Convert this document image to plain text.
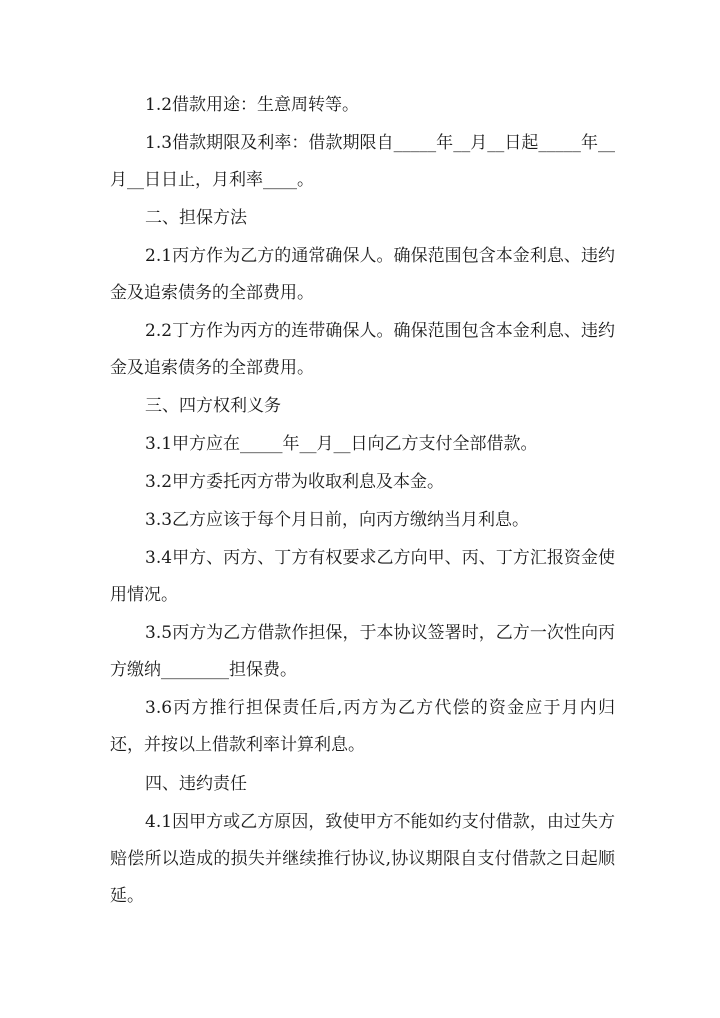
1.2借款用途：生意周转等。

1.3借款期限及利率：借款期限自_____年__月__日起_____年__月__日日止，月利率____。

二、担保方法

2.1丙方作为乙方的通常确保人。确保范围包含本金利息、违约金及追索债务的全部费用。

2.2丁方作为丙方的连带确保人。确保范围包含本金利息、违约金及追索债务的全部费用。

三、四方权利义务

3.1甲方应在_____年__月__日向乙方支付全部借款。

3.2甲方委托丙方带为收取利息及本金。

3.3乙方应该于每个月日前，向丙方缴纳当月利息。

3.4甲方、丙方、丁方有权要求乙方向甲、丙、丁方汇报资金使用情况。

3.5丙方为乙方借款作担保，于本协议签署时，乙方一次性向丙方缴纳________担保费。

3.6丙方推行担保责任后,丙方为乙方代偿的资金应于月内归还，并按以上借款利率计算利息。

四、违约责任

4.1因甲方或乙方原因，致使甲方不能如约支付借款，由过失方赔偿所以造成的损失并继续推行协议,协议期限自支付借款之日起顺延。
